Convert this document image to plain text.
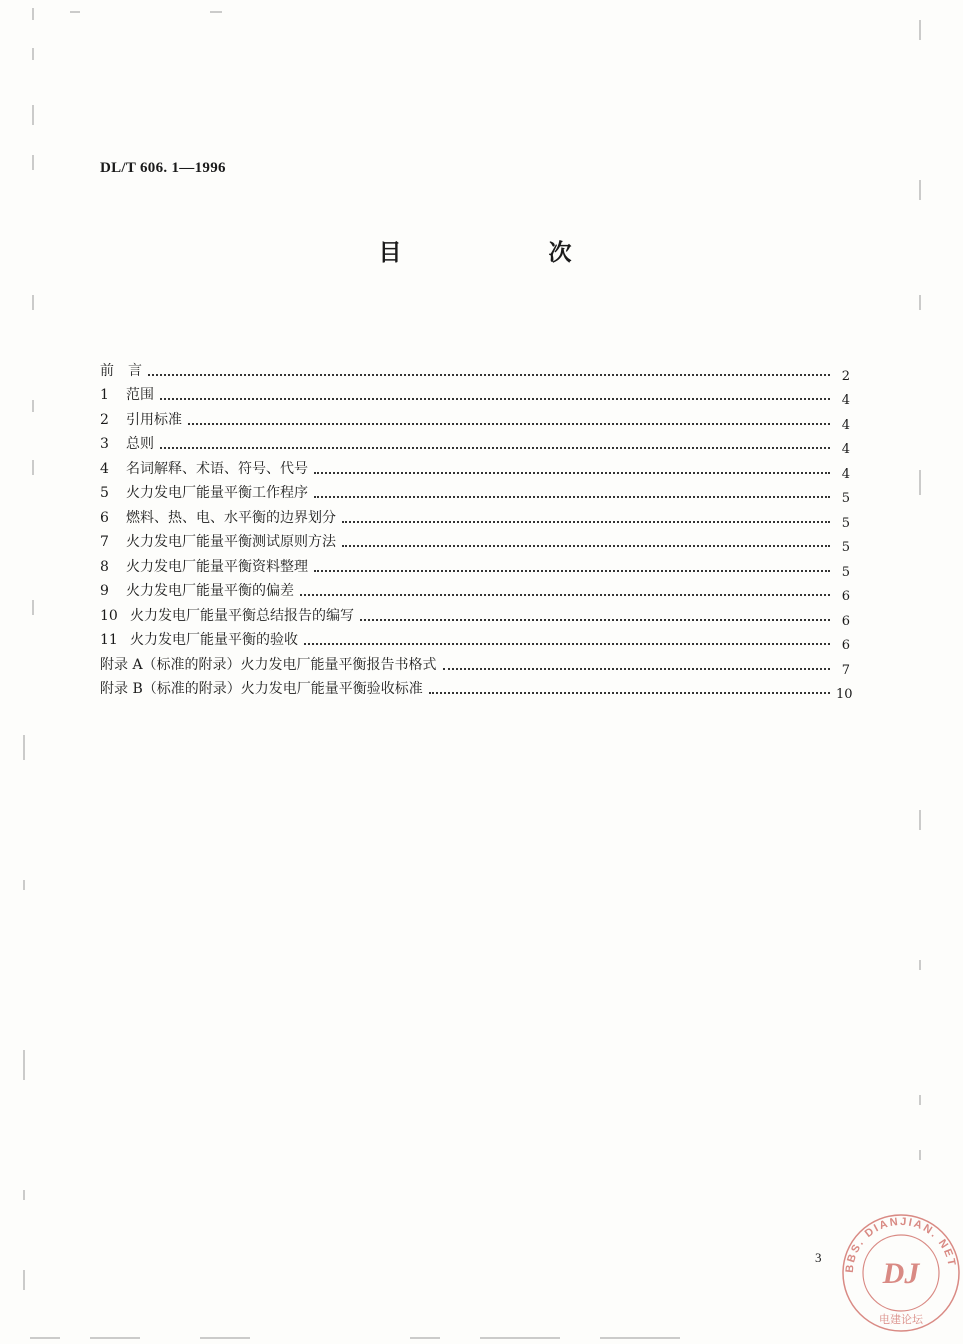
DL/T 606. 1—1996
目　次
前　言	2
1 范围	4
2 引用标准	4
3 总则	4
4 名词解释、术语、符号、代号	4
5 火力发电厂能量平衡工作程序	5
6 燃料、热、电、水平衡的边界划分	5
7 火力发电厂能量平衡测试原则方法	5
8 火力发电厂能量平衡资料整理	5
9 火力发电厂能量平衡的偏差	6
10 火力发电厂能量平衡总结报告的编写	6
11 火力发电厂能量平衡的验收	6
附录 A（标准的附录）火力发电厂能量平衡报告书格式	7
附录 B（标准的附录）火力发电厂能量平衡验收标准	10
3
BBS. DIANJIAN. NET
DJ
电建论坛
